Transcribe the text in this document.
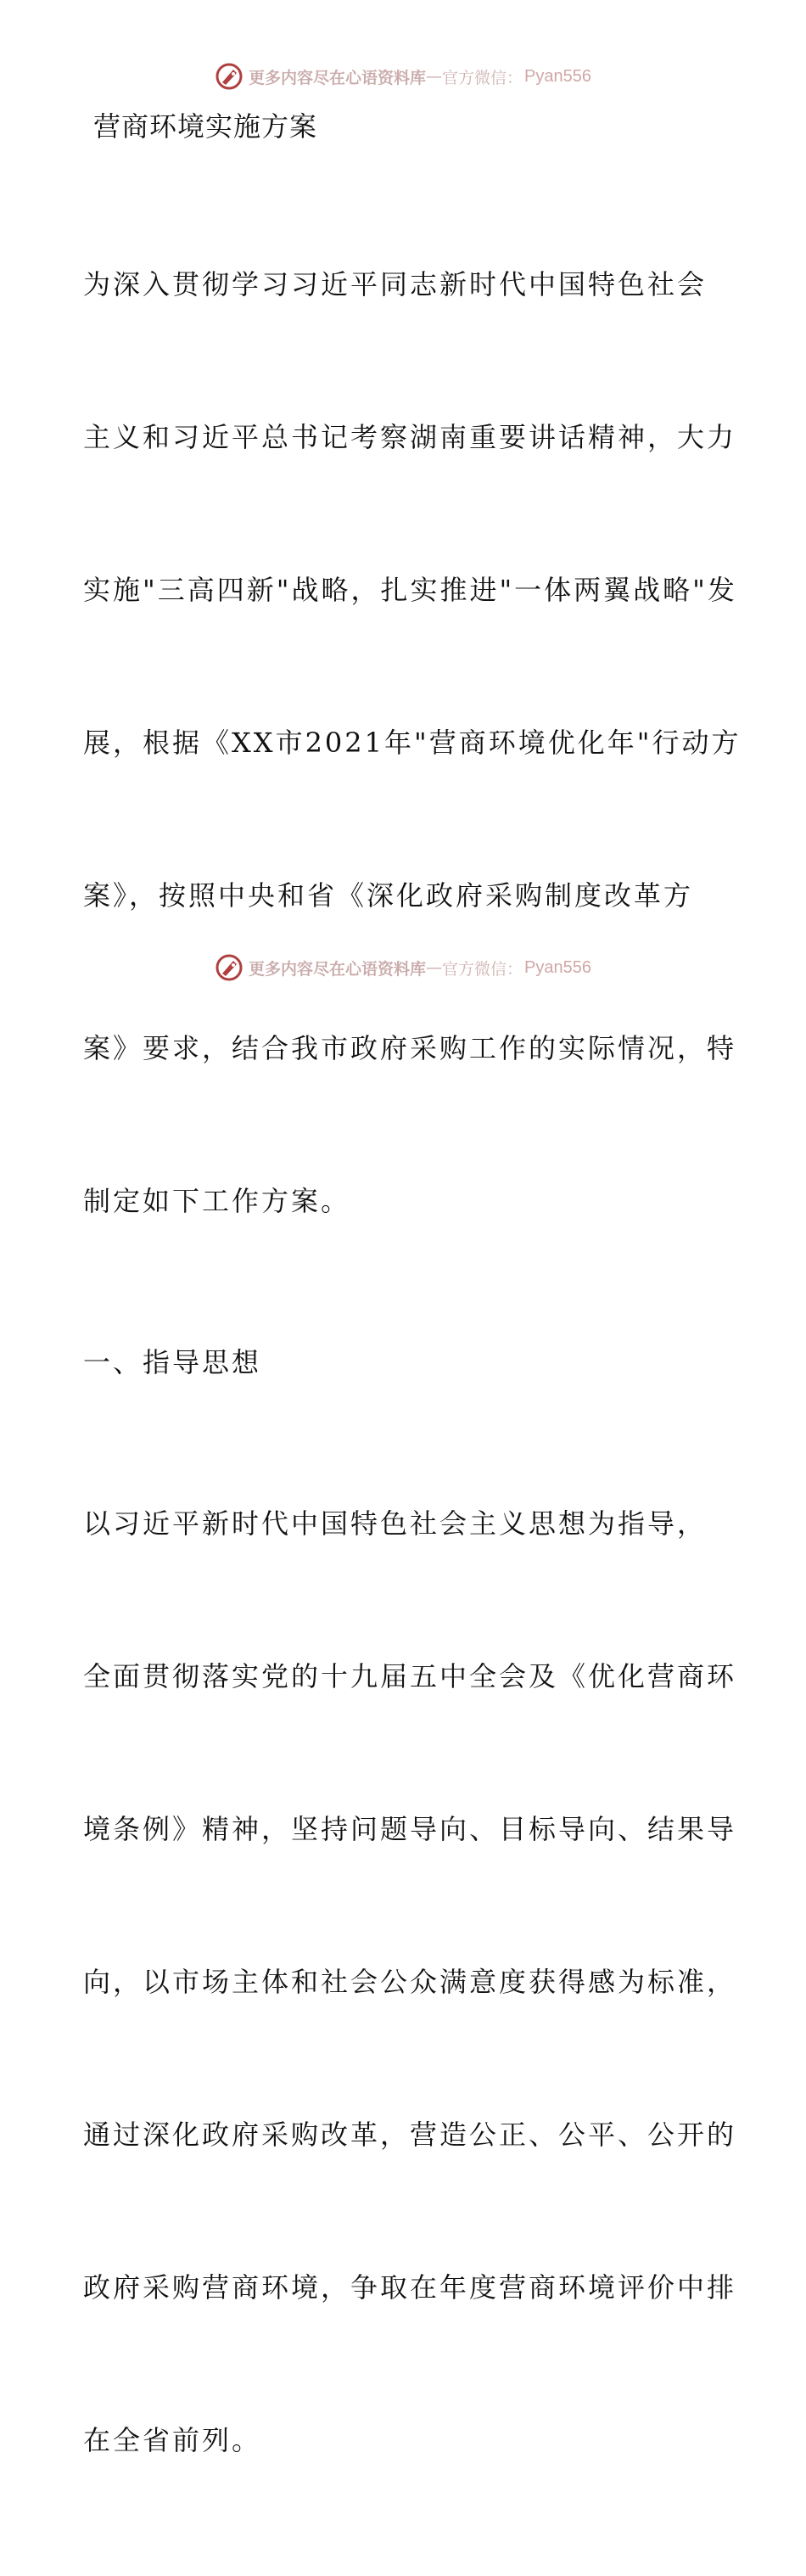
更多内容尽在心语资料库 — 官方微信： Pyan556
营商环境实施方案

为深入贯彻学习习近平同志新时代中国特色社会

主义和习近平总书记考察湖南重要讲话精神，大力

实施"三高四新"战略，扎实推进"一体两翼战略"发

展，根据《XX市2021年"营商环境优化年"行动方

案》，按照中央和省《深化政府采购制度改革方

案》要求，结合我市政府采购工作的实际情况，特

制定如下工作方案。

一、指导思想

以习近平新时代中国特色社会主义思想为指导，

全面贯彻落实党的十九届五中全会及《优化营商环

境条例》精神，坚持问题导向、目标导向、结果导

向，以市场主体和社会公众满意度获得感为标准，

通过深化政府采购改革，营造公正、公平、公开的

政府采购营商环境，争取在年度营商环境评价中排

在全省前列。

更多内容尽在心语资料库 — 官方微信： Pyan556
